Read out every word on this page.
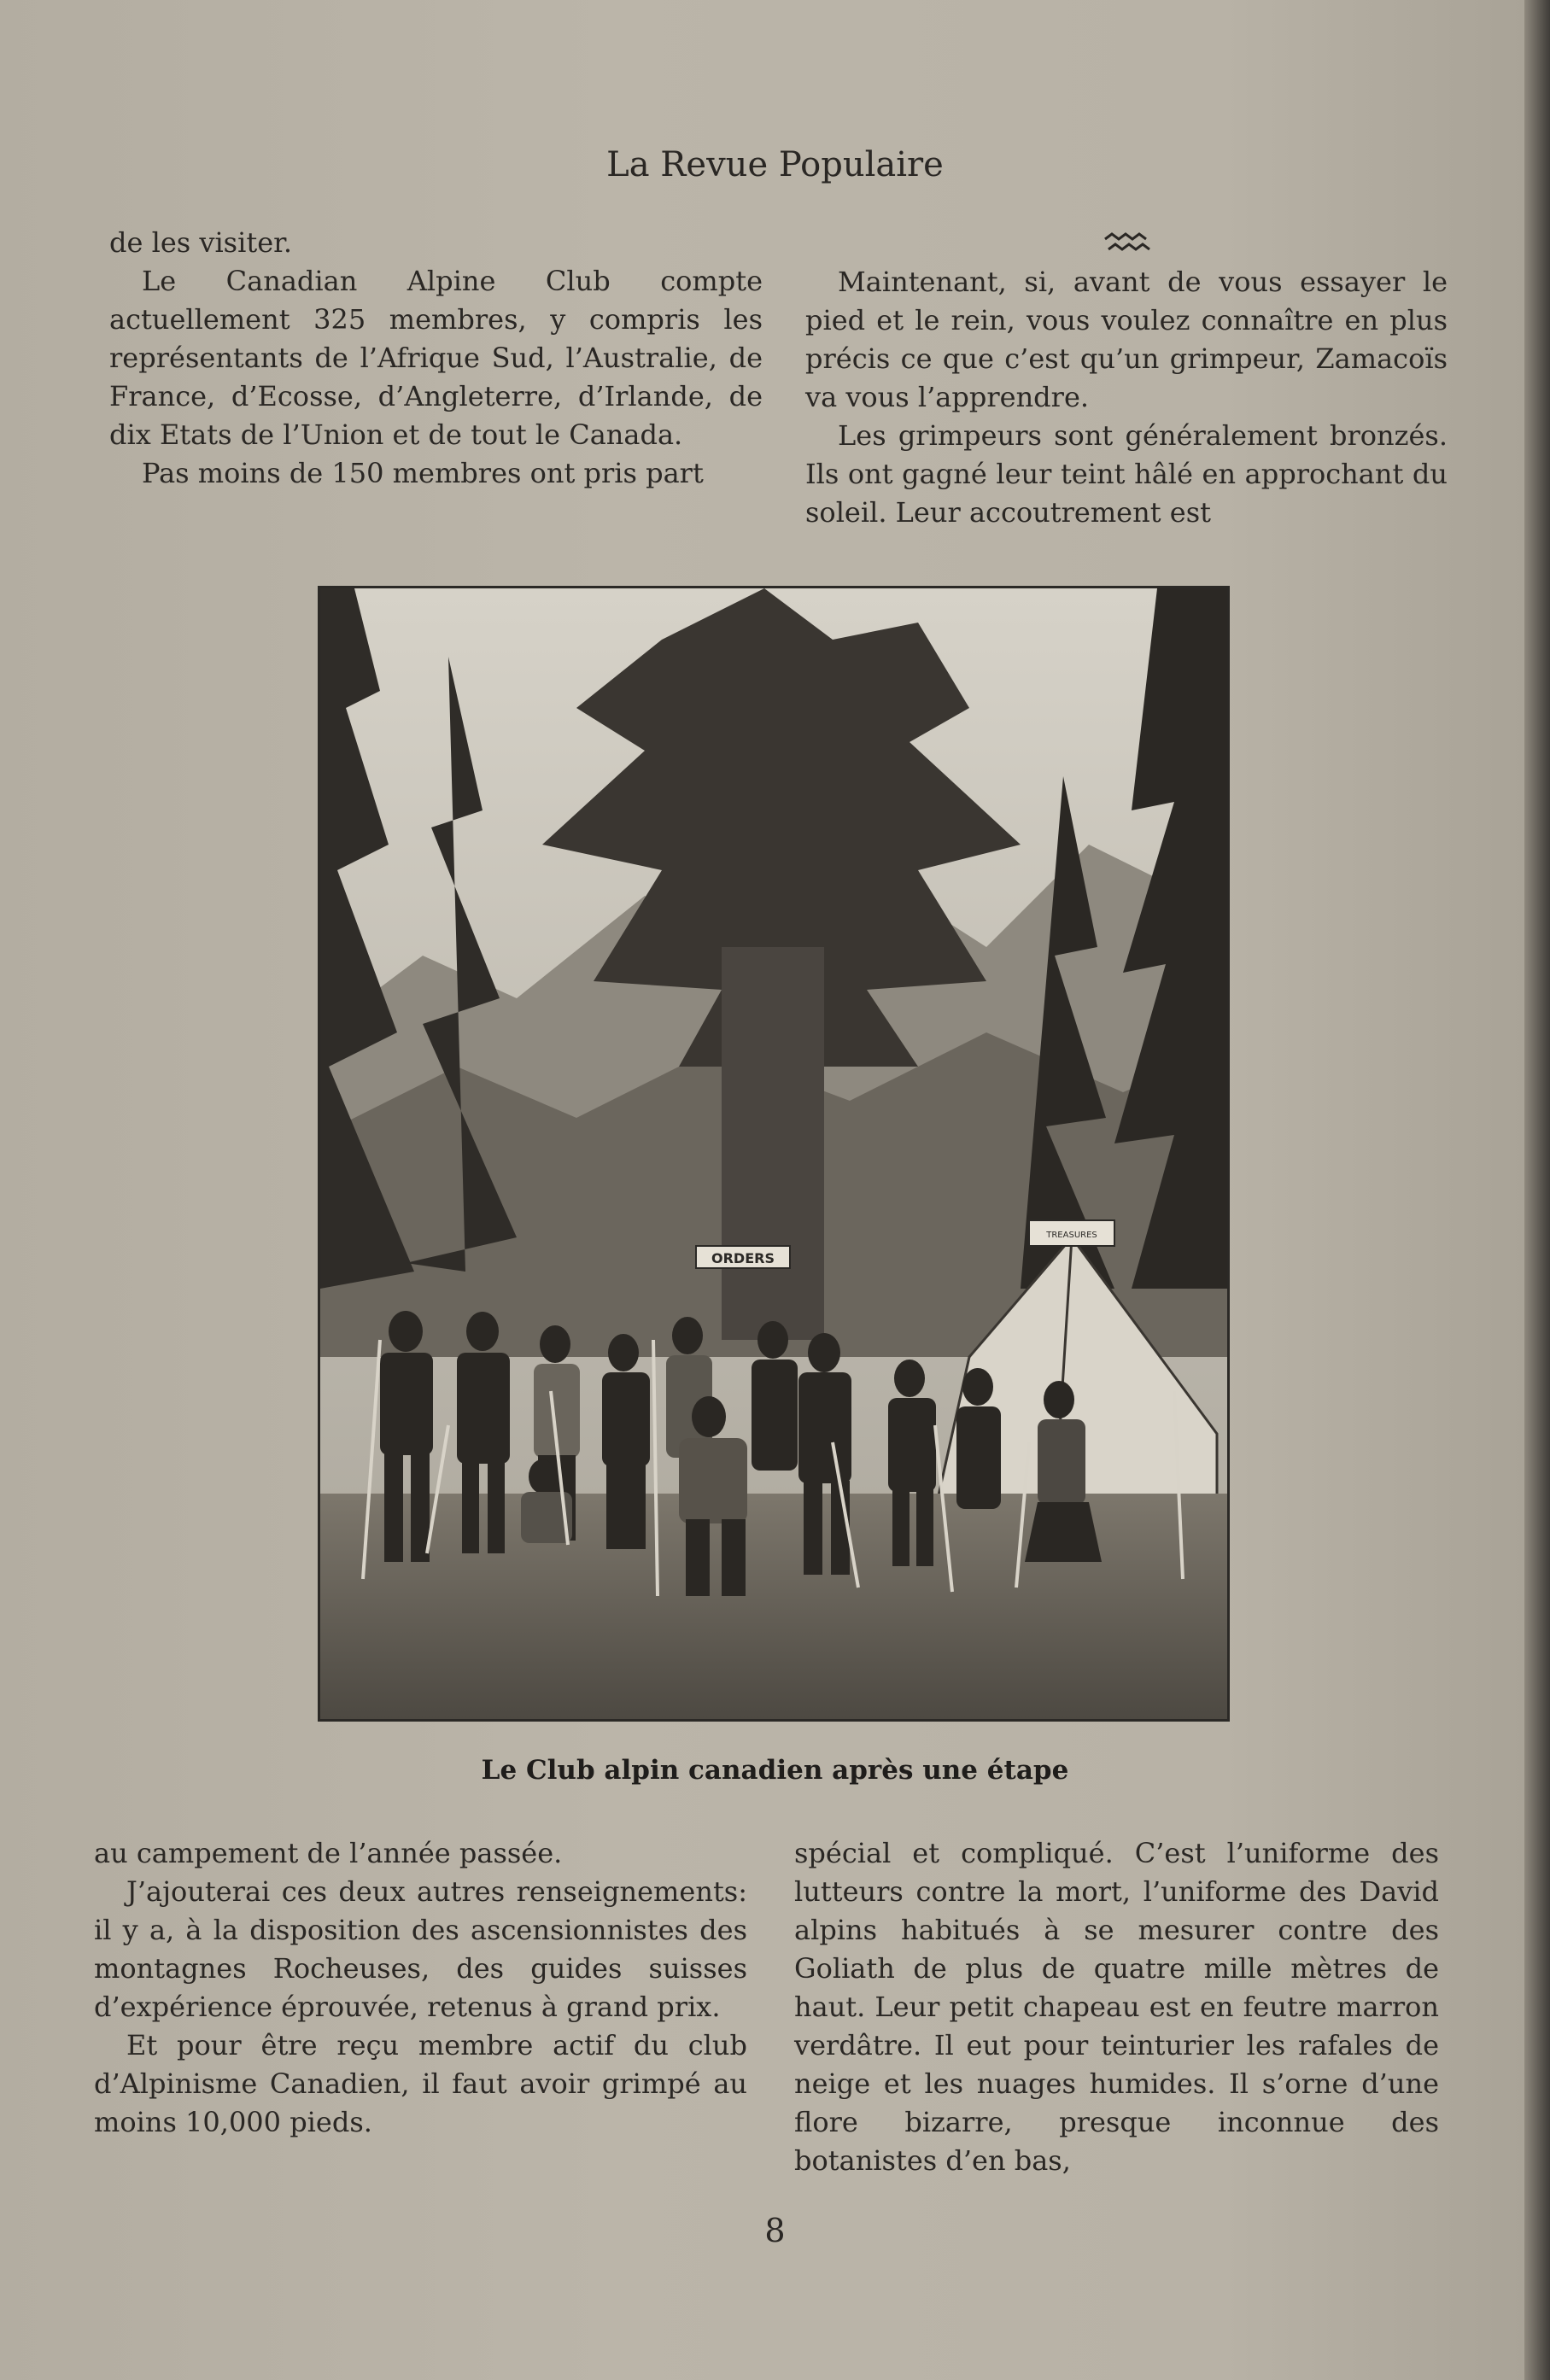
La Revue Populaire

de les visiter.

Le Canadian Alpine Club compte actuellement 325 membres, y compris les représentants de l’Afrique Sud, l’Australie, de France, d’Ecosse, d’Angleterre, d’Irlande, de dix Etats de l’Union et de tout le Canada.

Pas moins de 150 membres ont pris part

Maintenant, si, avant de vous essayer le pied et le rein, vous voulez connaître en plus précis ce que c’est qu’un grimpeur, Zamacoïs va vous l’apprendre.

Les grimpeurs sont généralement bronzés. Ils ont gagné leur teint hâlé en approchant du soleil. Leur accoutrement est

ORDERS
TREASURES
Le Club alpin canadien après une étape

au campement de l’année passée.

J’ajouterai ces deux autres renseignements: il y a, à la disposition des ascensionnistes des montagnes Rocheuses, des guides suisses d’expérience éprouvée, retenus à grand prix.

Et pour être reçu membre actif du club d’Alpinisme Canadien, il faut avoir grimpé au moins 10,000 pieds.

spécial et compliqué. C’est l’uniforme des lutteurs contre la mort, l’uniforme des David alpins habitués à se mesurer contre des Goliath de plus de quatre mille mètres de haut. Leur petit chapeau est en feutre marron verdâtre. Il eut pour teinturier les rafales de neige et les nuages humides. Il s’orne d’une flore bizarre, presque inconnue des botanistes d’en bas,

8
